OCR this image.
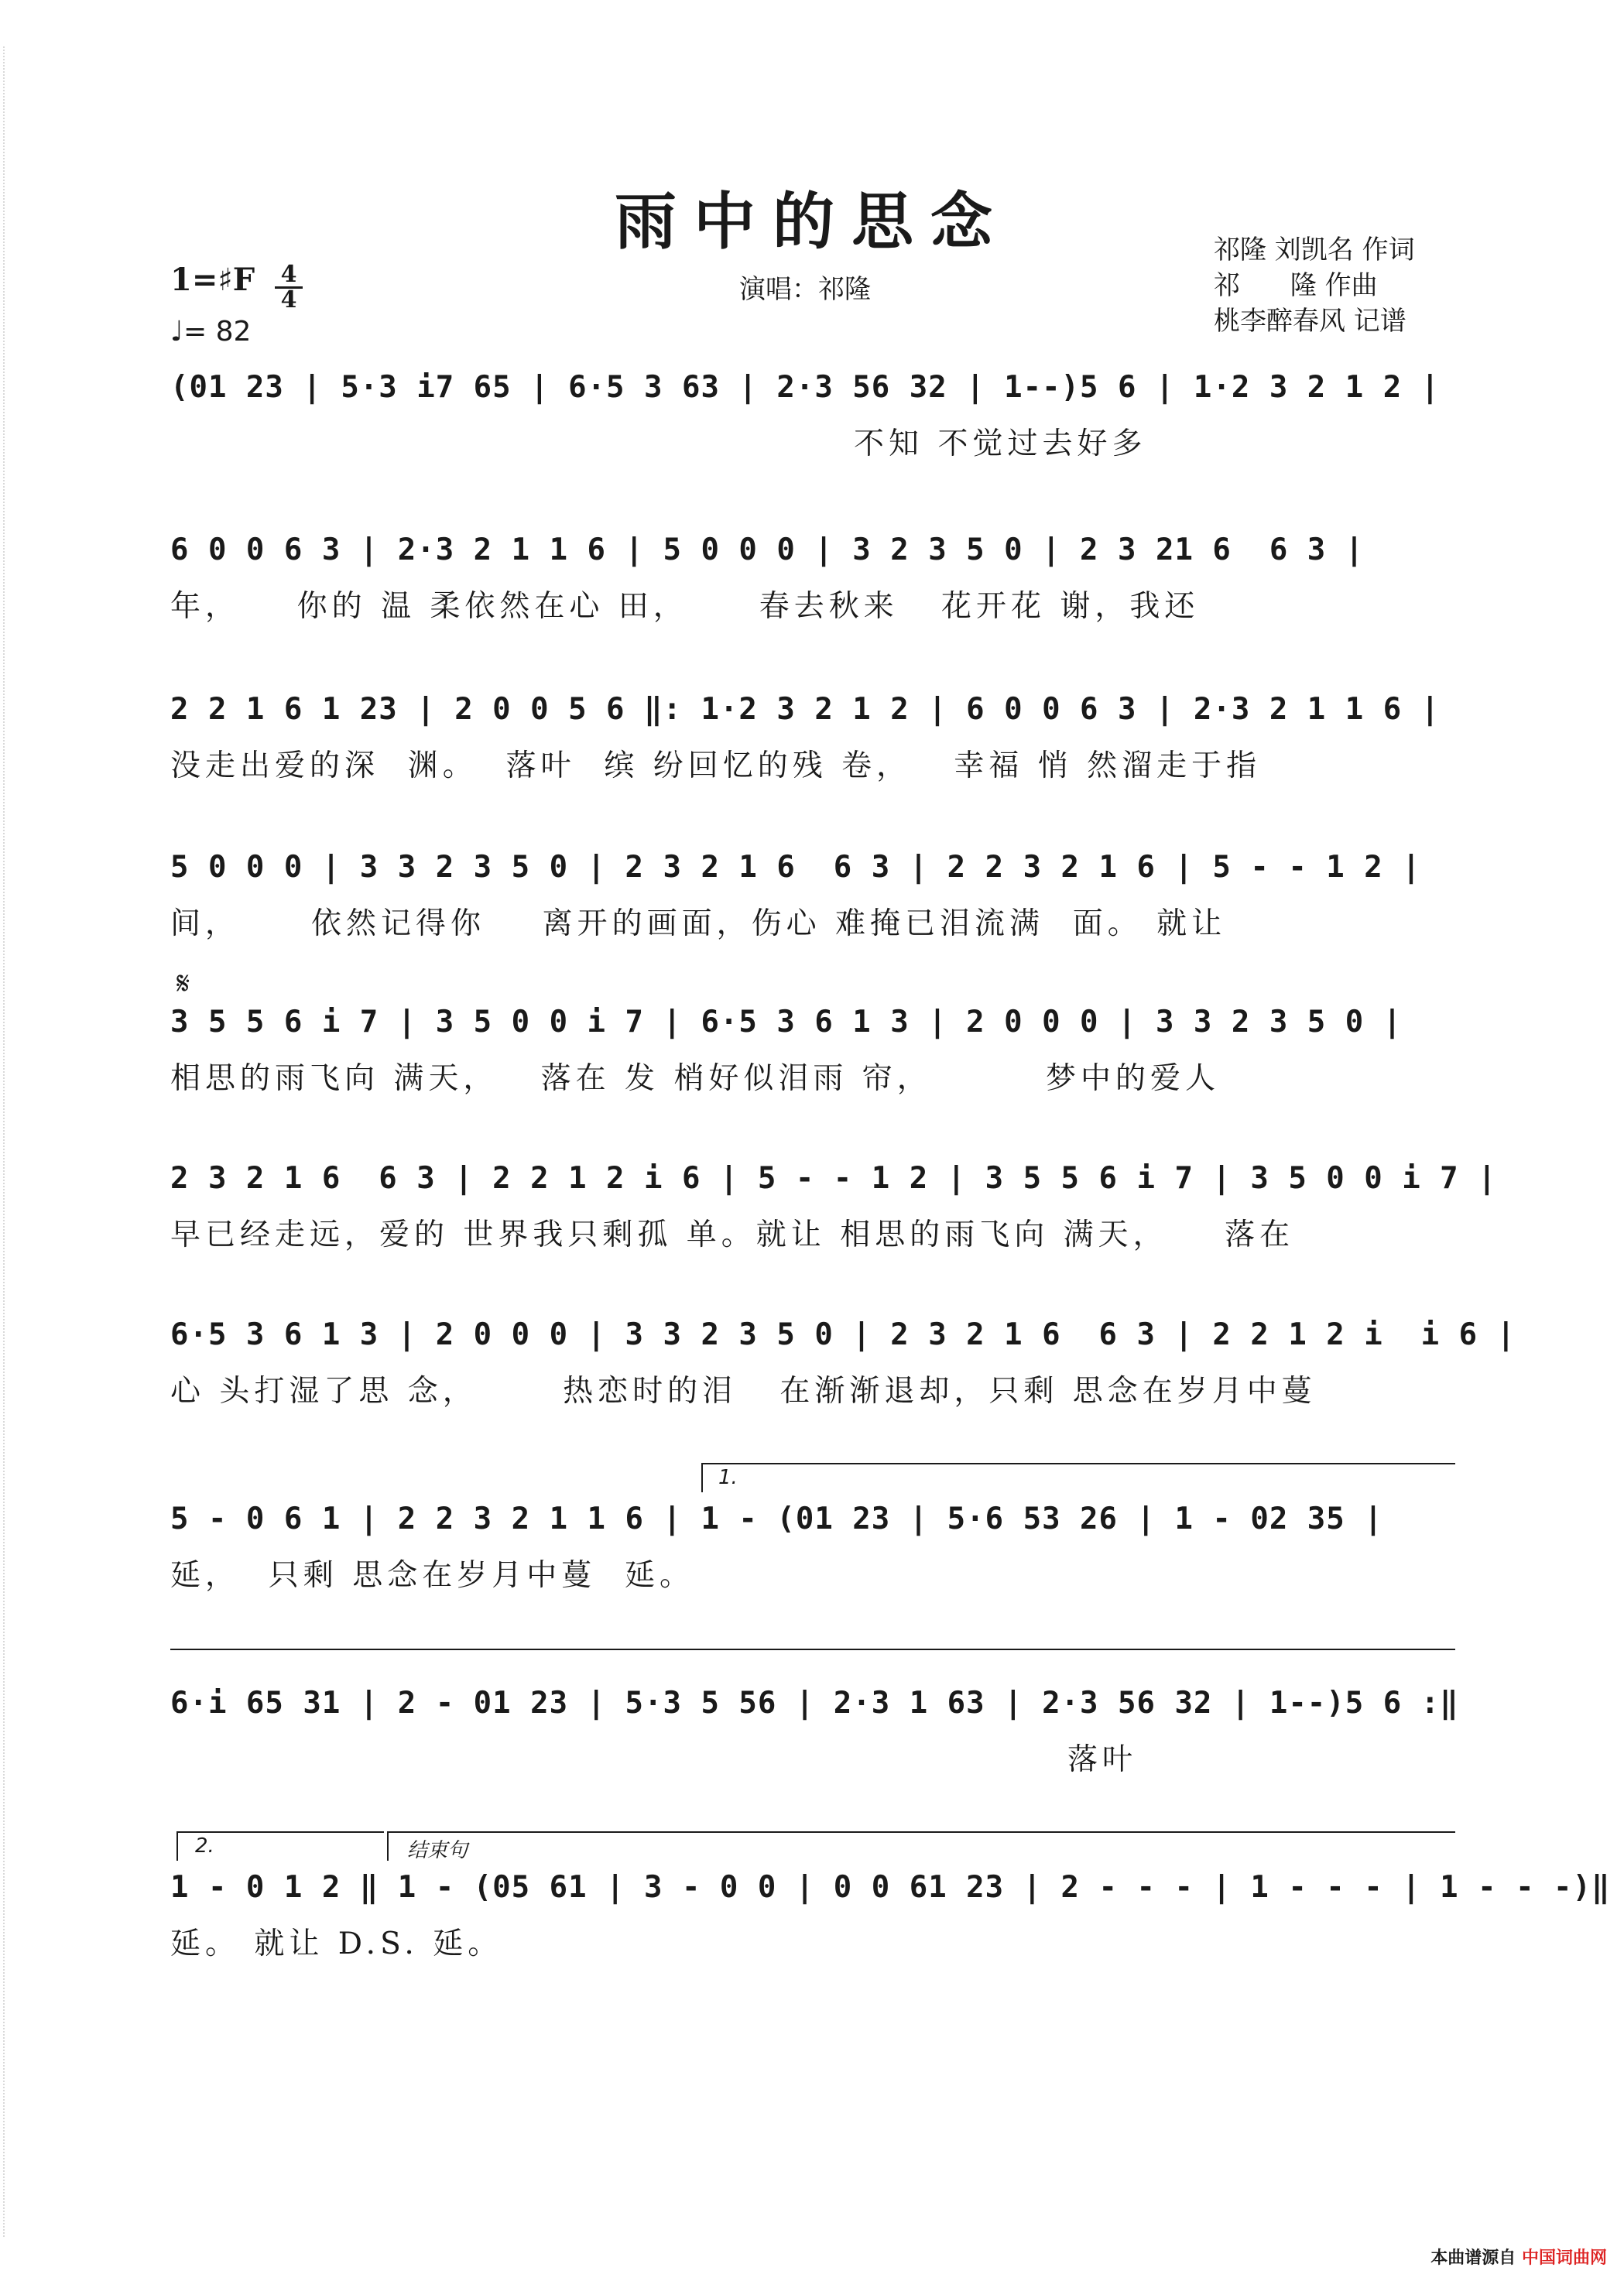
雨中的思念
1=♯F 4
4
♩= 82
演唱：祁隆
祁隆 刘凯名 作词
祁      隆 作曲
桃李醉春风 记谱
(01 23 | 5·3 i7 65 | 6·5 3 63 | 2·3 56 32 | 1--)5 6 | 1·2 3 2 1 2 |
不知 不觉过去好多
6 0 0 6 3 | 2·3 2 1 1 6 | 5 0 0 0 | 3 2 3 5 0 | 2 3 21 6  6 3 |
年，    你的 温 柔依然在心 田，     春去秋来   花开花 谢，我还
2 2 1 6 1 23 | 2 0 0 5 6 ‖: 1·2 3 2 1 2 | 6 0 0 6 3 | 2·3 2 1 1 6 |
没走出爱的深  渊。  落叶  缤 纷回忆的残 卷，   幸福 悄 然溜走于指
5 0 0 0 | 3 3 2 3 5 0 | 2 3 2 1 6  6 3 | 2 2 3 2 1 6 | 5 - - 1 2 |
间，     依然记得你    离开的画面，伤心 难掩已泪流满  面。 就让
𝄋
3 5 5 6 i 7 | 3 5 0 0 i 7 | 6·5 3 6 1 3 | 2 0 0 0 | 3 3 2 3 5 0 |
相思的雨飞向 满天，   落在 发 梢好似泪雨 帘，        梦中的爱人
2 3 2 1 6  6 3 | 2 2 1 2 i 6 | 5 - - 1 2 | 3 5 5 6 i 7 | 3 5 0 0 i 7 |
早已经走远，爱的 世界我只剩孤 单。就让 相思的雨飞向 满天，    落在
6·5 3 6 1 3 | 2 0 0 0 | 3 3 2 3 5 0 | 2 3 2 1 6  6 3 | 2 2 1 2 i  i 6 |
心 头打湿了思 念，      热恋时的泪   在渐渐退却，只剩 思念在岁月中蔓
1.
5 - 0 6 1 | 2 2 3 2 1 1 6 | 1 - (01 23 | 5·6 53 26 | 1 - 02 35 |
延，  只剩 思念在岁月中蔓  延。
6·i 65 31 | 2 - 01 23 | 5·3 5 56 | 2·3 1 63 | 2·3 56 32 | 1--)5 6 :‖
落叶
2.	结束句
1 - 0 1 2 ‖ 1 - (05 61 | 3 - 0 0 | 0 0 61 23 | 2 - - - | 1 - - - | 1 - - -)‖
延。 就让 D.S. 延。
本曲谱源自 中国词曲网
